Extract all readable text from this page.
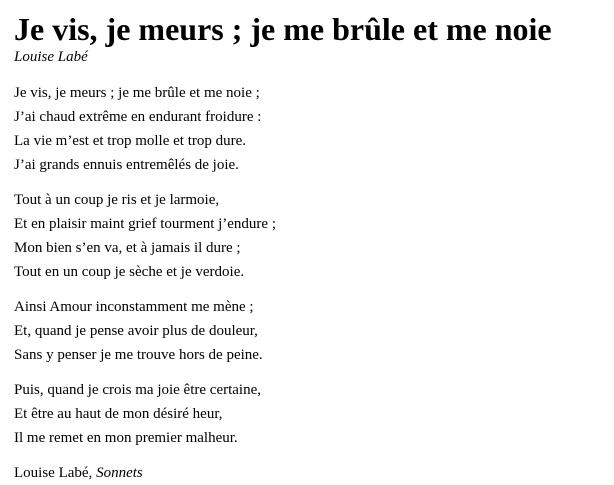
Je vis, je meurs ; je me brûle et me noie
Louise Labé
Je vis, je meurs ; je me brûle et me noie ;
J’ai chaud extrême en endurant froidure :
La vie m’est et trop molle et trop dure.
J’ai grands ennuis entremêlés de joie.
Tout à un coup je ris et je larmoie,
Et en plaisir maint grief tourment j’endure ;
Mon bien s’en va, et à jamais il dure ;
Tout en un coup je sèche et je verdoie.
Ainsi Amour inconstamment me mène ;
Et, quand je pense avoir plus de douleur,
Sans y penser je me trouve hors de peine.
Puis, quand je crois ma joie être certaine,
Et être au haut de mon désiré heur,
Il me remet en mon premier malheur.

Louise Labé, Sonnets
